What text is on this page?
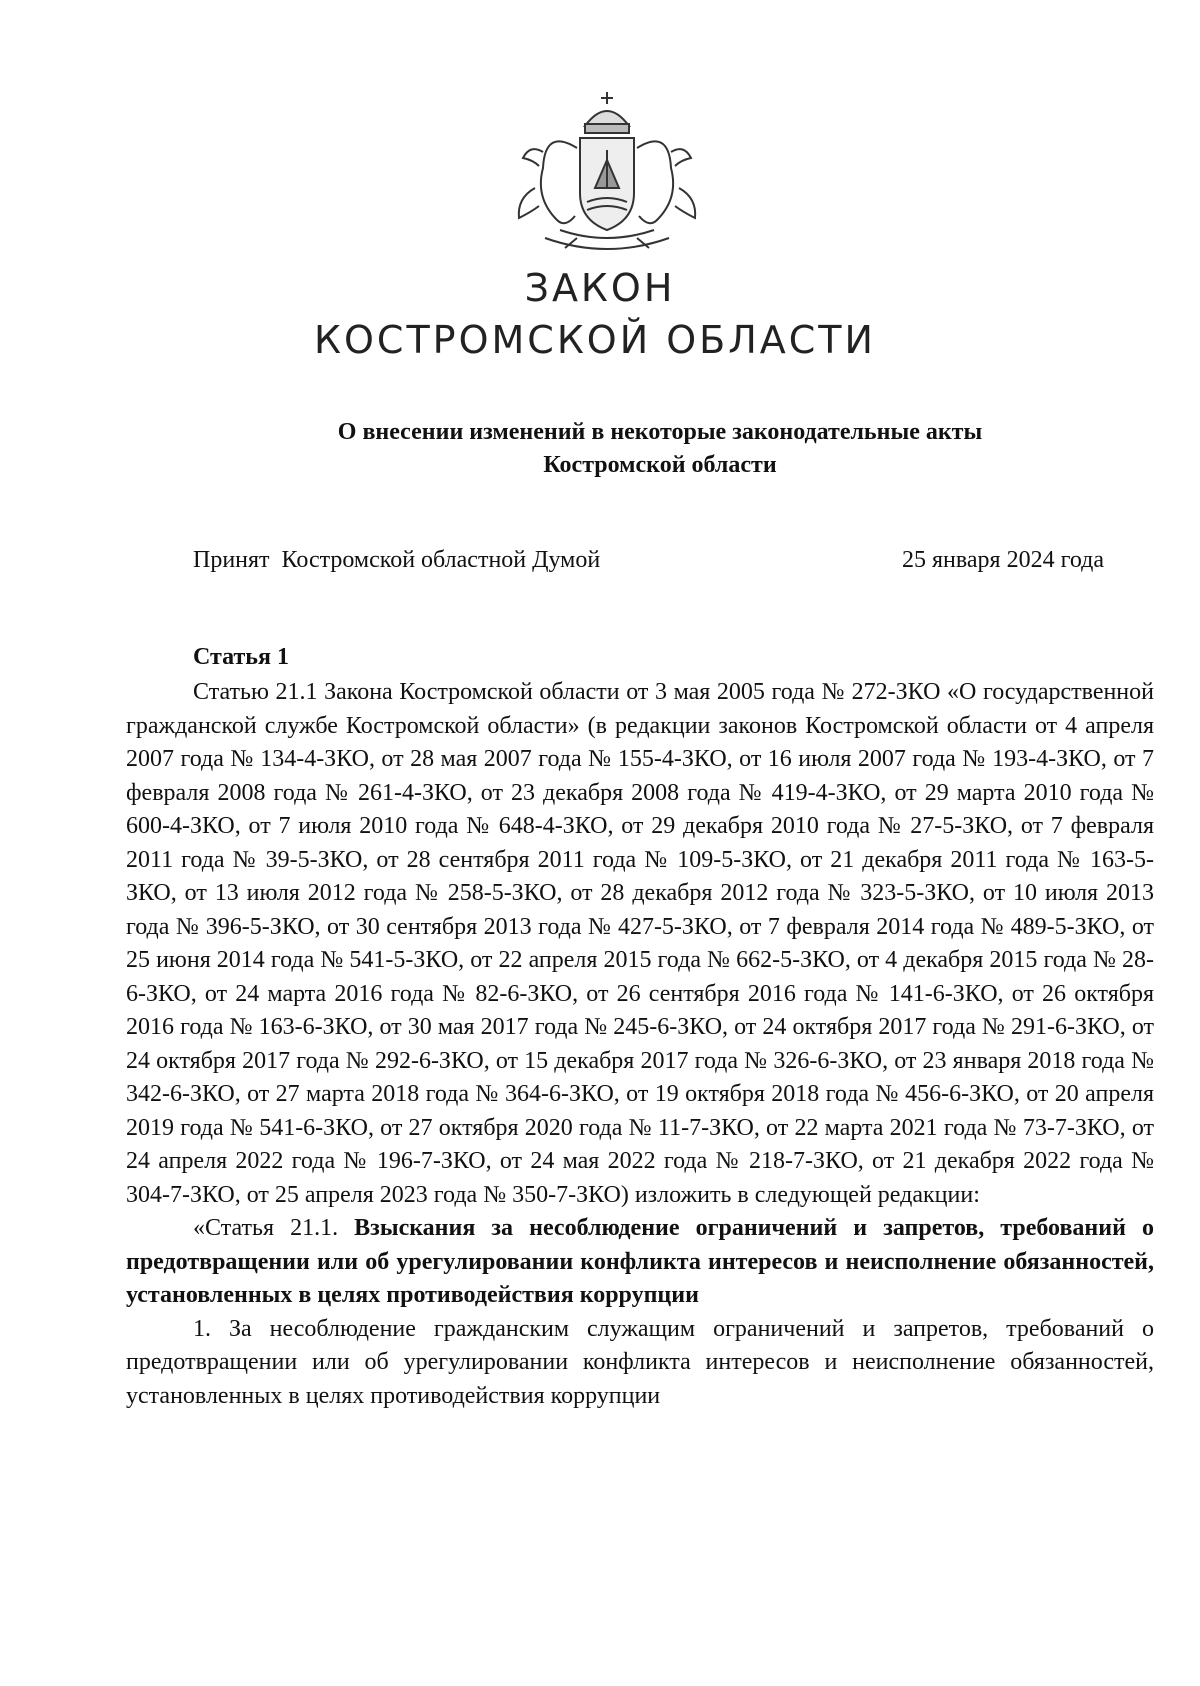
ЗАКОН
КОСТРОМСКОЙ ОБЛАСТИ
О внесении изменений в некоторые законодательные акты
Костромской области
Принят  Костромской областной Думой	25 января 2024 года
Статья 1

Статью 21.1 Закона Костромской области от 3 мая 2005 года № 272-ЗКО «О государственной гражданской службе Костромской области» (в редакции законов Костромской области от 4 апреля 2007 года № 134-4-ЗКО, от 28 мая 2007 года № 155-4-ЗКО, от 16 июля 2007 года № 193-4-ЗКО, от 7 февраля 2008 года № 261-4-ЗКО, от 23 декабря 2008 года № 419-4-ЗКО, от 29 марта 2010 года № 600-4-ЗКО, от 7 июля 2010 года № 648-4-ЗКО, от 29 декабря 2010 года № 27-5-ЗКО, от 7 февраля 2011 года № 39-5-ЗКО, от 28 сентября 2011 года № 109-5-ЗКО, от 21 декабря 2011 года № 163-5-ЗКО, от 13 июля 2012 года № 258-5-ЗКО, от 28 декабря 2012 года № 323-5-ЗКО, от 10 июля 2013 года № 396-5-ЗКО, от 30 сентября 2013 года № 427-5-ЗКО, от 7 февраля 2014 года № 489-5-ЗКО, от 25 июня 2014 года № 541-5-ЗКО, от 22 апреля 2015 года № 662-5-ЗКО, от 4 декабря 2015 года № 28-6-ЗКО, от 24 марта 2016 года № 82-6-ЗКО, от 26 сентября 2016 года № 141-6-ЗКО, от 26 октября 2016 года № 163-6-ЗКО, от 30 мая 2017 года № 245-6-ЗКО, от 24 октября 2017 года № 291-6-ЗКО, от 24 октября 2017 года № 292-6-ЗКО, от 15 декабря 2017 года № 326-6-ЗКО, от 23 января 2018 года № 342-6-ЗКО, от 27 марта 2018 года № 364-6-ЗКО, от 19 октября 2018 года № 456-6-ЗКО, от 20 апреля 2019 года № 541-6-ЗКО, от 27 октября 2020 года № 11-7-ЗКО, от 22 марта 2021 года № 73-7-ЗКО, от 24 апреля 2022 года № 196-7-ЗКО, от 24 мая 2022 года № 218-7-ЗКО, от 21 декабря 2022 года № 304-7-ЗКО, от 25 апреля 2023 года № 350-7-ЗКО) изложить в следующей редакции:

«Статья 21.1. Взыскания за несоблюдение ограничений и запретов, требований о предотвращении или об урегулировании конфликта интересов и неисполнение обязанностей, установленных в целях противодействия коррупции

1. За несоблюдение гражданским служащим ограничений и запретов, требований о предотвращении или об урегулировании конфликта интересов и неисполнение обязанностей, установленных в целях противодействия коррупции
